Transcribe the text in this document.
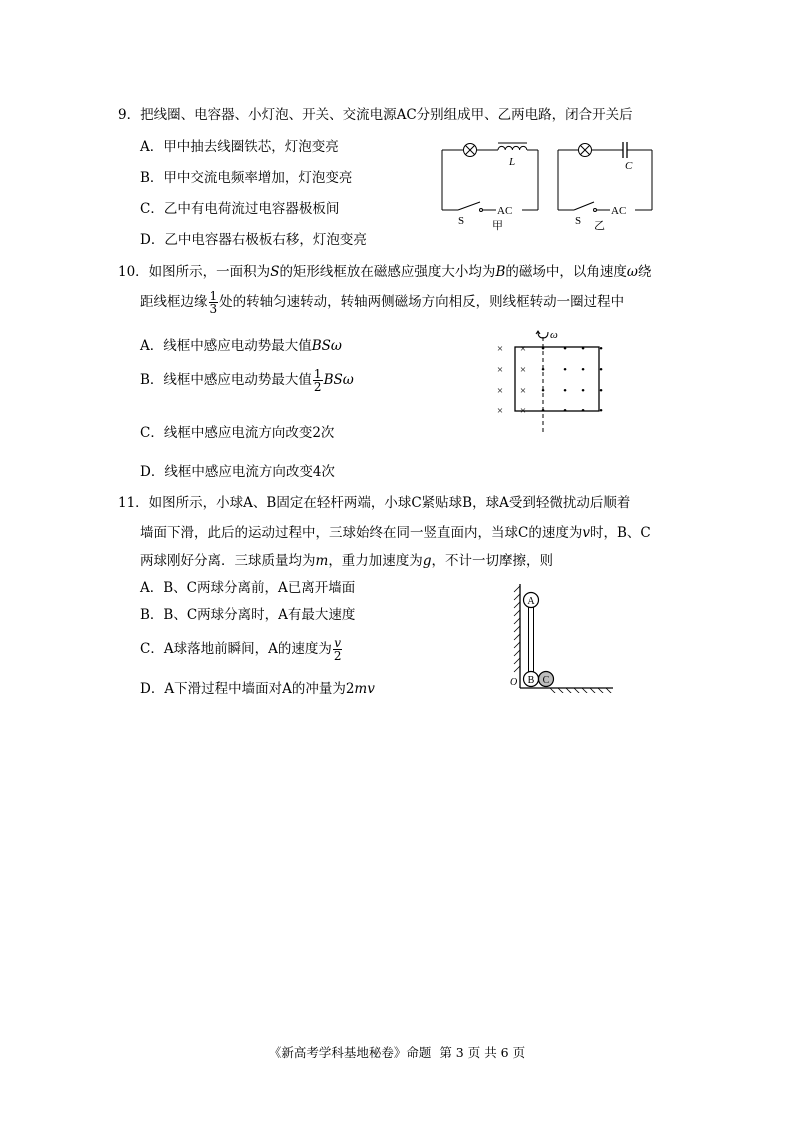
9．把线圈、电容器、小灯泡、开关、交流电源AC分别组成甲、乙两电路，闭合开关后
A．甲中抽去线圈铁芯，灯泡变亮
B．甲中交流电频率增加，灯泡变亮
C．乙中有电荷流过电容器极板间
D．乙中电容器右极板右移，灯泡变亮
L
S
AC
甲
C
S
AC
乙
10．如图所示，一面积为S的矩形线框放在磁感应强度大小均为B的磁场中，以角速度ω绕
距线框边缘 $\frac{1}{3}$ 处的转轴匀速转动，转轴两侧磁场方向相反，则线框转动一圈过程中
A．线框中感应电动势最大值BSω
B．线框中感应电动势最大值 $\frac{1}{2}$ BSω
C．线框中感应电流方向改变2次
D．线框中感应电流方向改变4次
ω
× ×
× ×
× ×
× ×
• • • •
• • • •
• • • •
• • • •
11．如图所示，小球A、B固定在轻杆两端，小球C紧贴球B，球A受到轻微扰动后顺着
墙面下滑，此后的运动过程中，三球始终在同一竖直面内，当球C的速度为v时，B、C
两球刚好分离．三球质量均为m，重力加速度为g，不计一切摩擦，则
A．B、C两球分离前，A已离开墙面
B．B、C两球分离时，A有最大速度
C．A球落地前瞬间，A的速度为 $\frac{v}{2}$
D．A下滑过程中墙面对A的冲量为2mv
A
B C
O
《新高考学科基地秘卷》命题  第 3 页 共 6 页
